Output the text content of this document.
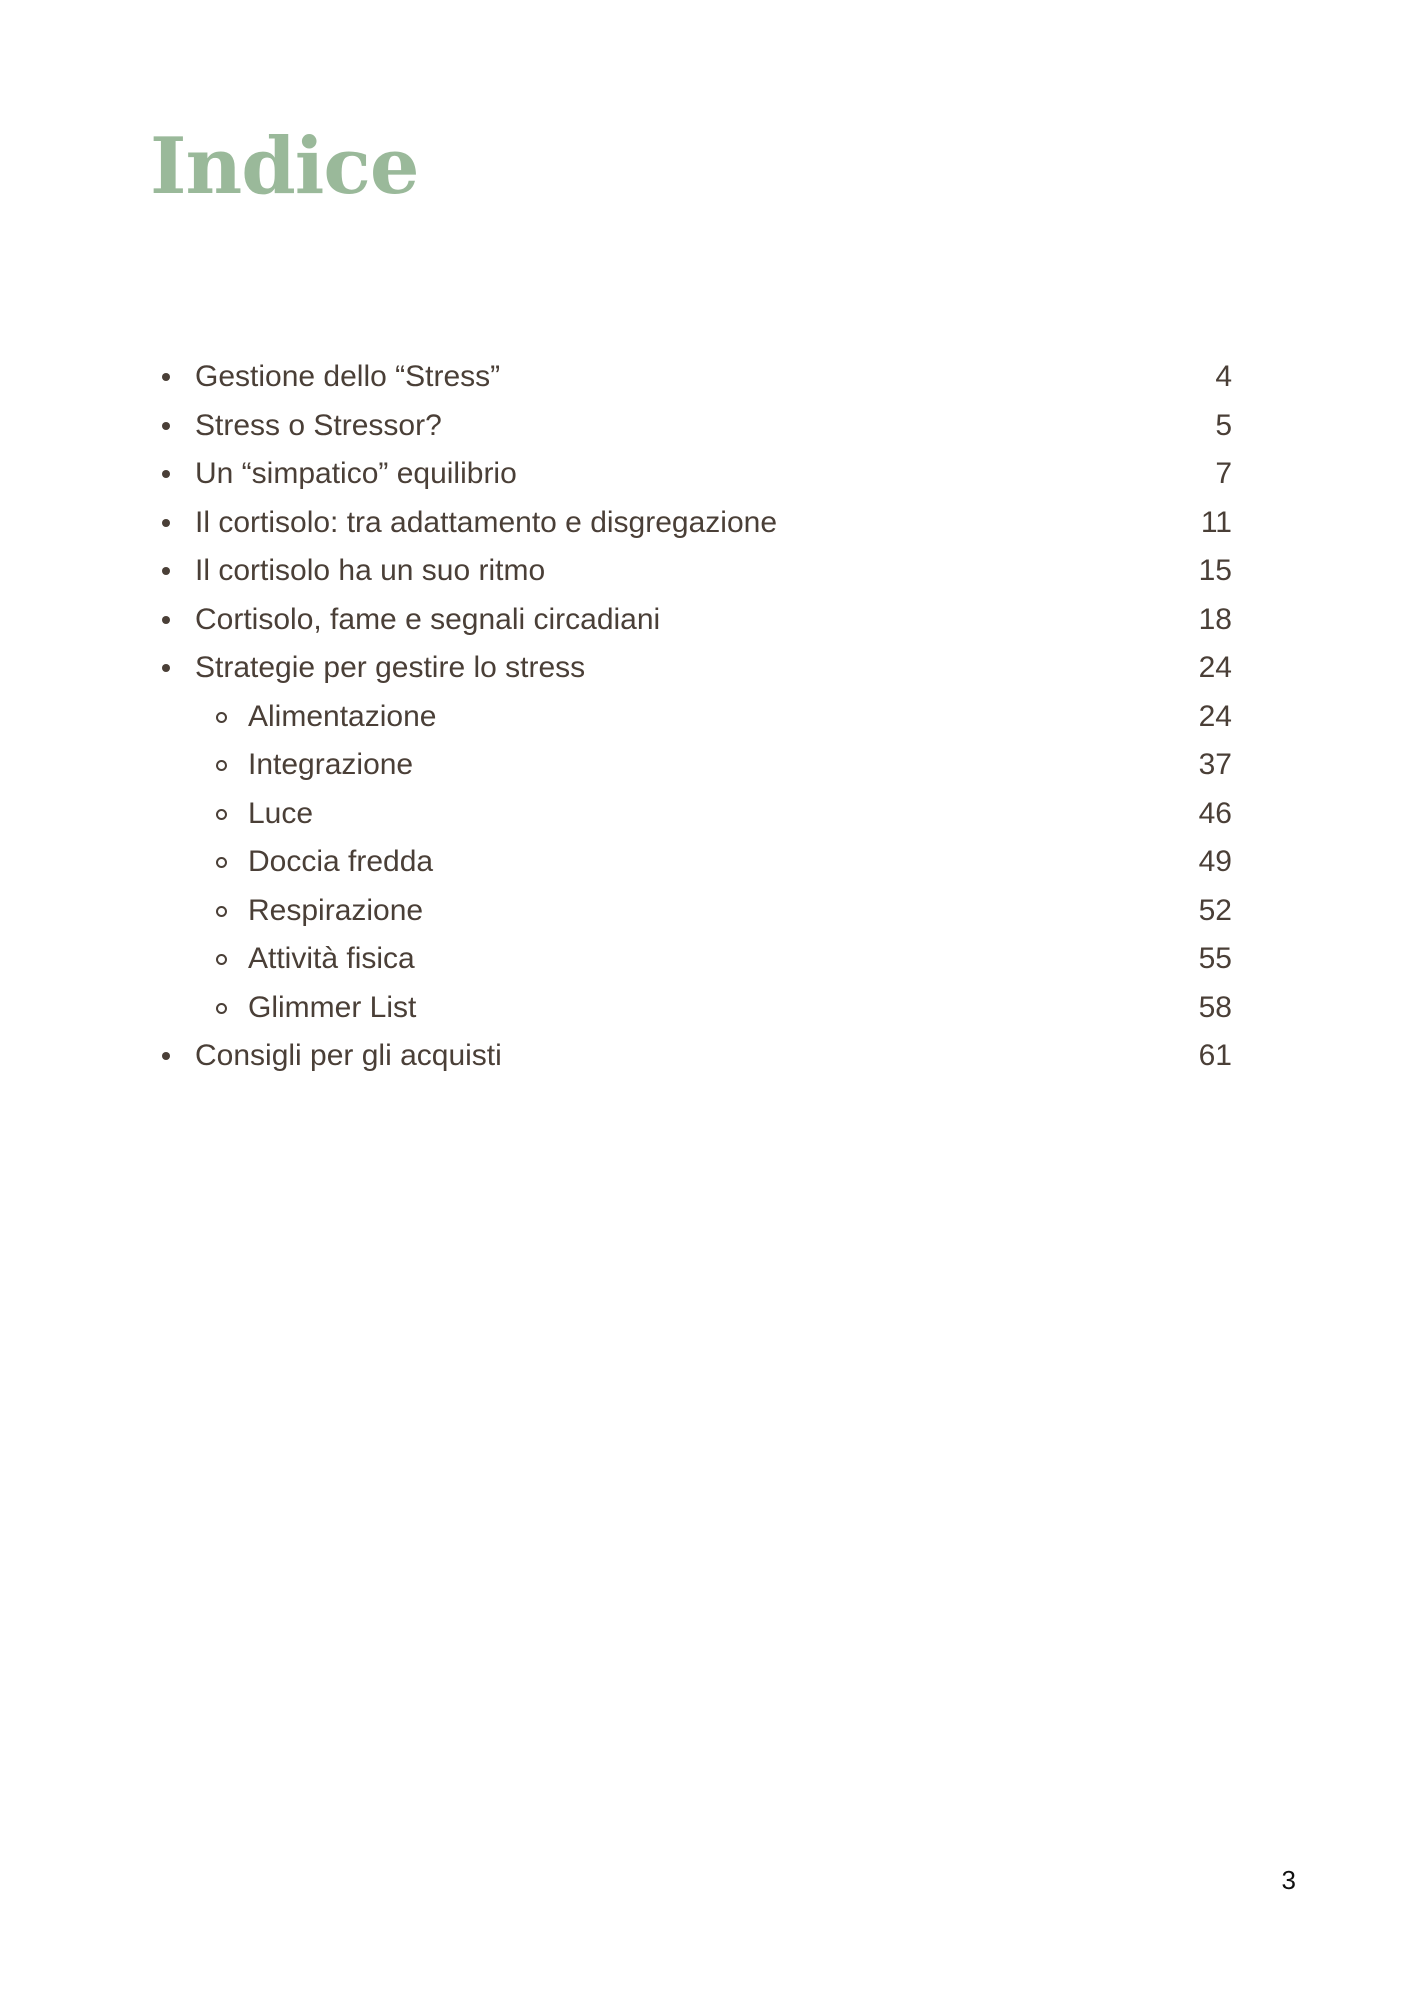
Indice
Gestione dello “Stress”	4
Stress o Stressor?	5
Un “simpatico” equilibrio	7
Il cortisolo: tra adattamento e disgregazione	11
Il cortisolo ha un suo ritmo	15
Cortisolo, fame e segnali circadiani	18
Strategie per gestire lo stress	24
Alimentazione	24
Integrazione	37
Luce	46
Doccia fredda	49
Respirazione	52
Attività fisica	55
Glimmer List	58
Consigli per gli acquisti	61
3
